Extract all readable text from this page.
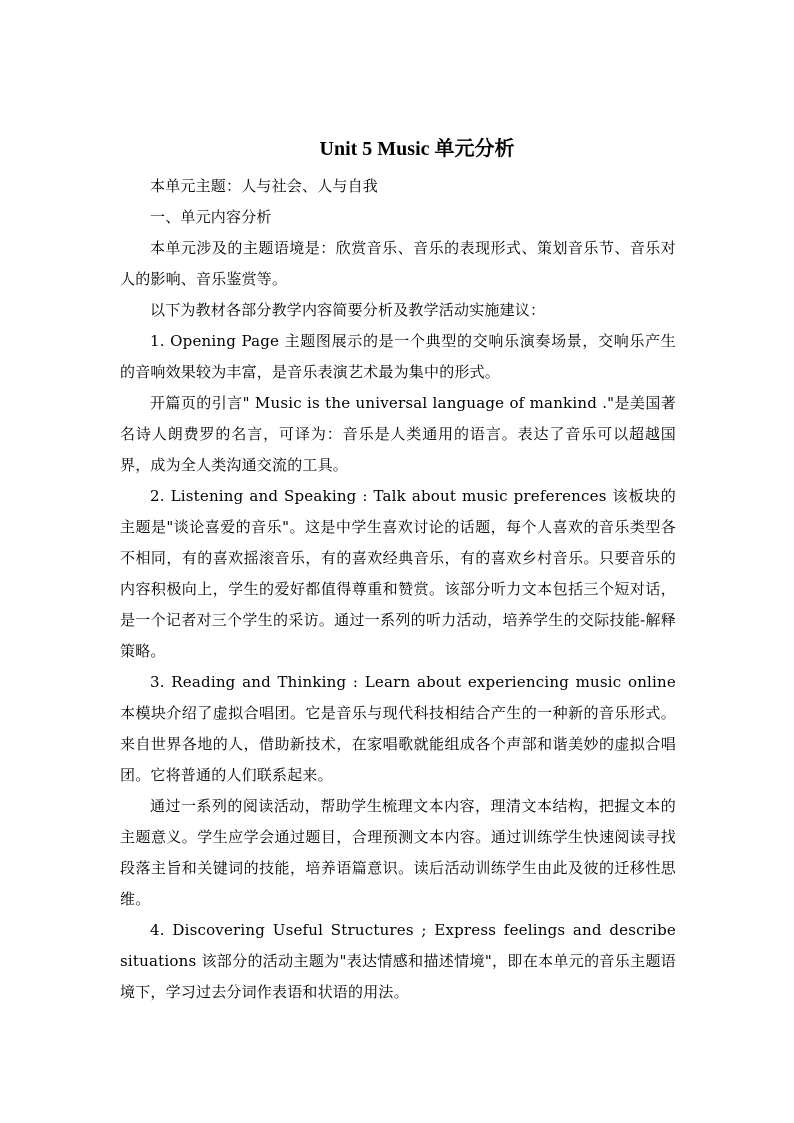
Unit 5 Music 单元分析

本单元主题：人与社会、人与自我

一、单元内容分析

本单元涉及的主题语境是：欣赏音乐、音乐的表现形式、策划音乐节、音乐对人的影响、音乐鉴赏等。

以下为教材各部分教学内容简要分析及教学活动实施建议：

1. Opening Page 主题图展示的是一个典型的交响乐演奏场景，交响乐产生的音响效果较为丰富，是音乐表演艺术最为集中的形式。

开篇页的引言" Music is the universal language of mankind ."是美国著名诗人朗费罗的名言，可译为：音乐是人类通用的语言。表达了音乐可以超越国界，成为全人类沟通交流的工具。

2. Listening and Speaking : Talk about music preferences 该板块的主题是"谈论喜爱的音乐"。这是中学生喜欢讨论的话题，每个人喜欢的音乐类型各不相同，有的喜欢摇滚音乐，有的喜欢经典音乐，有的喜欢乡村音乐。只要音乐的内容积极向上，学生的爱好都值得尊重和赞赏。该部分听力文本包括三个短对话，是一个记者对三个学生的采访。通过一系列的听力活动，培养学生的交际技能-解释策略。

3. Reading and Thinking : Learn about experiencing music online 本模块介绍了虚拟合唱团。它是音乐与现代科技相结合产生的一种新的音乐形式。来自世界各地的人，借助新技术，在家唱歌就能组成各个声部和谐美妙的虚拟合唱团。它将普通的人们联系起来。

通过一系列的阅读活动，帮助学生梳理文本内容，理清文本结构，把握文本的主题意义。学生应学会通过题目，合理预测文本内容。通过训练学生快速阅读寻找段落主旨和关键词的技能，培养语篇意识。读后活动训练学生由此及彼的迁移性思维。

4. Discovering Useful Structures ; Express feelings and describe situations 该部分的活动主题为"表达情感和描述情境"，即在本单元的音乐主题语境下，学习过去分词作表语和状语的用法。
